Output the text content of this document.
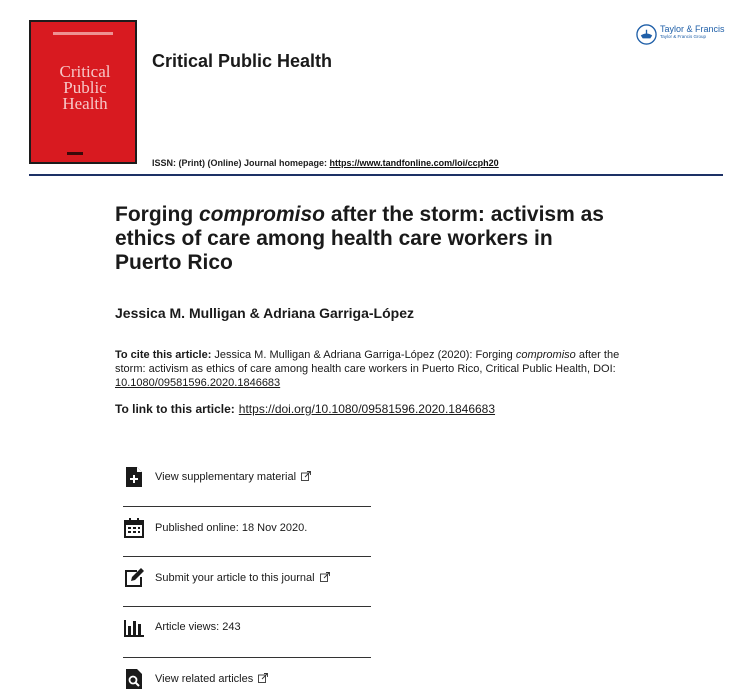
Critical
Public
Health
Critical Public Health
ISSN: (Print) (Online) Journal homepage: https://www.tandfonline.com/loi/ccph20
Taylor & Francis
Taylor & Francis Group
Forging compromiso after the storm: activism as ethics of care among health care workers in Puerto Rico
Jessica M. Mulligan & Adriana Garriga-López
To cite this article: Jessica M. Mulligan & Adriana Garriga-López (2020): Forging compromiso after the storm: activism as ethics of care among health care workers in Puerto Rico, Critical Public Health, DOI: 10.1080/09581596.2020.1846683
To link to this article: https://doi.org/10.1080/09581596.2020.1846683
View supplementary material
Published online: 18 Nov 2020.
Submit your article to this journal
Article views: 243
View related articles
